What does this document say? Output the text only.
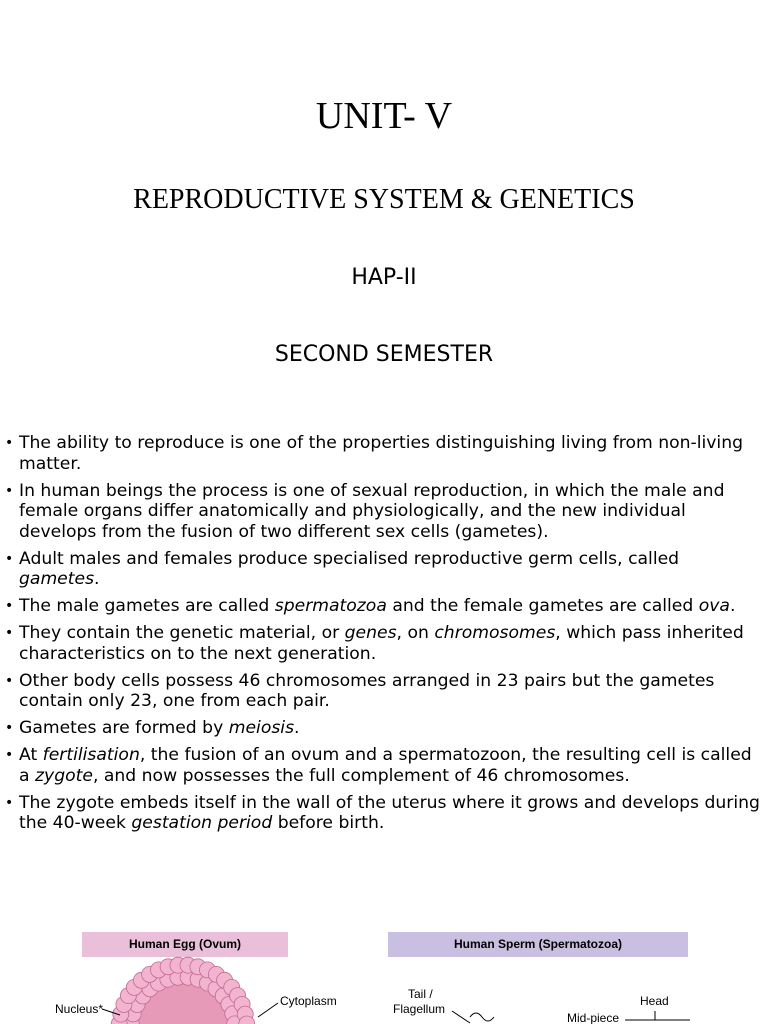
UNIT- V
REPRODUCTIVE SYSTEM & GENETICS
HAP-II
SECOND SEMESTER
• The ability to reproduce is one of the properties distinguishing living from non-living matter.
• In human beings the process is one of sexual reproduction, in which the male and female organs differ anatomically and physiologically, and the new individual develops from the fusion of two different sex cells (gametes).
• Adult males and females produce specialised reproductive germ cells, called gametes.
• The male gametes are called spermatozoa and the female gametes are called ova.
• They contain the genetic material, or genes, on chromosomes, which pass inherited characteristics on to the next generation.
• Other body cells possess 46 chromosomes arranged in 23 pairs but the gametes contain only 23, one from each pair.
• Gametes are formed by meiosis.
• At fertilisation, the fusion of an ovum and a spermatozoon, the resulting cell is called a zygote, and now possesses the full complement of 46 chromosomes.
• The zygote embeds itself in the wall of the uterus where it grows and develops during the 40-week gestation period before birth.
Human Egg (Ovum)	Human Sperm (Spermatozoa)
Nucleus*
Cytoplasm	Tail /
Flagellum
Head
Mid-piece
